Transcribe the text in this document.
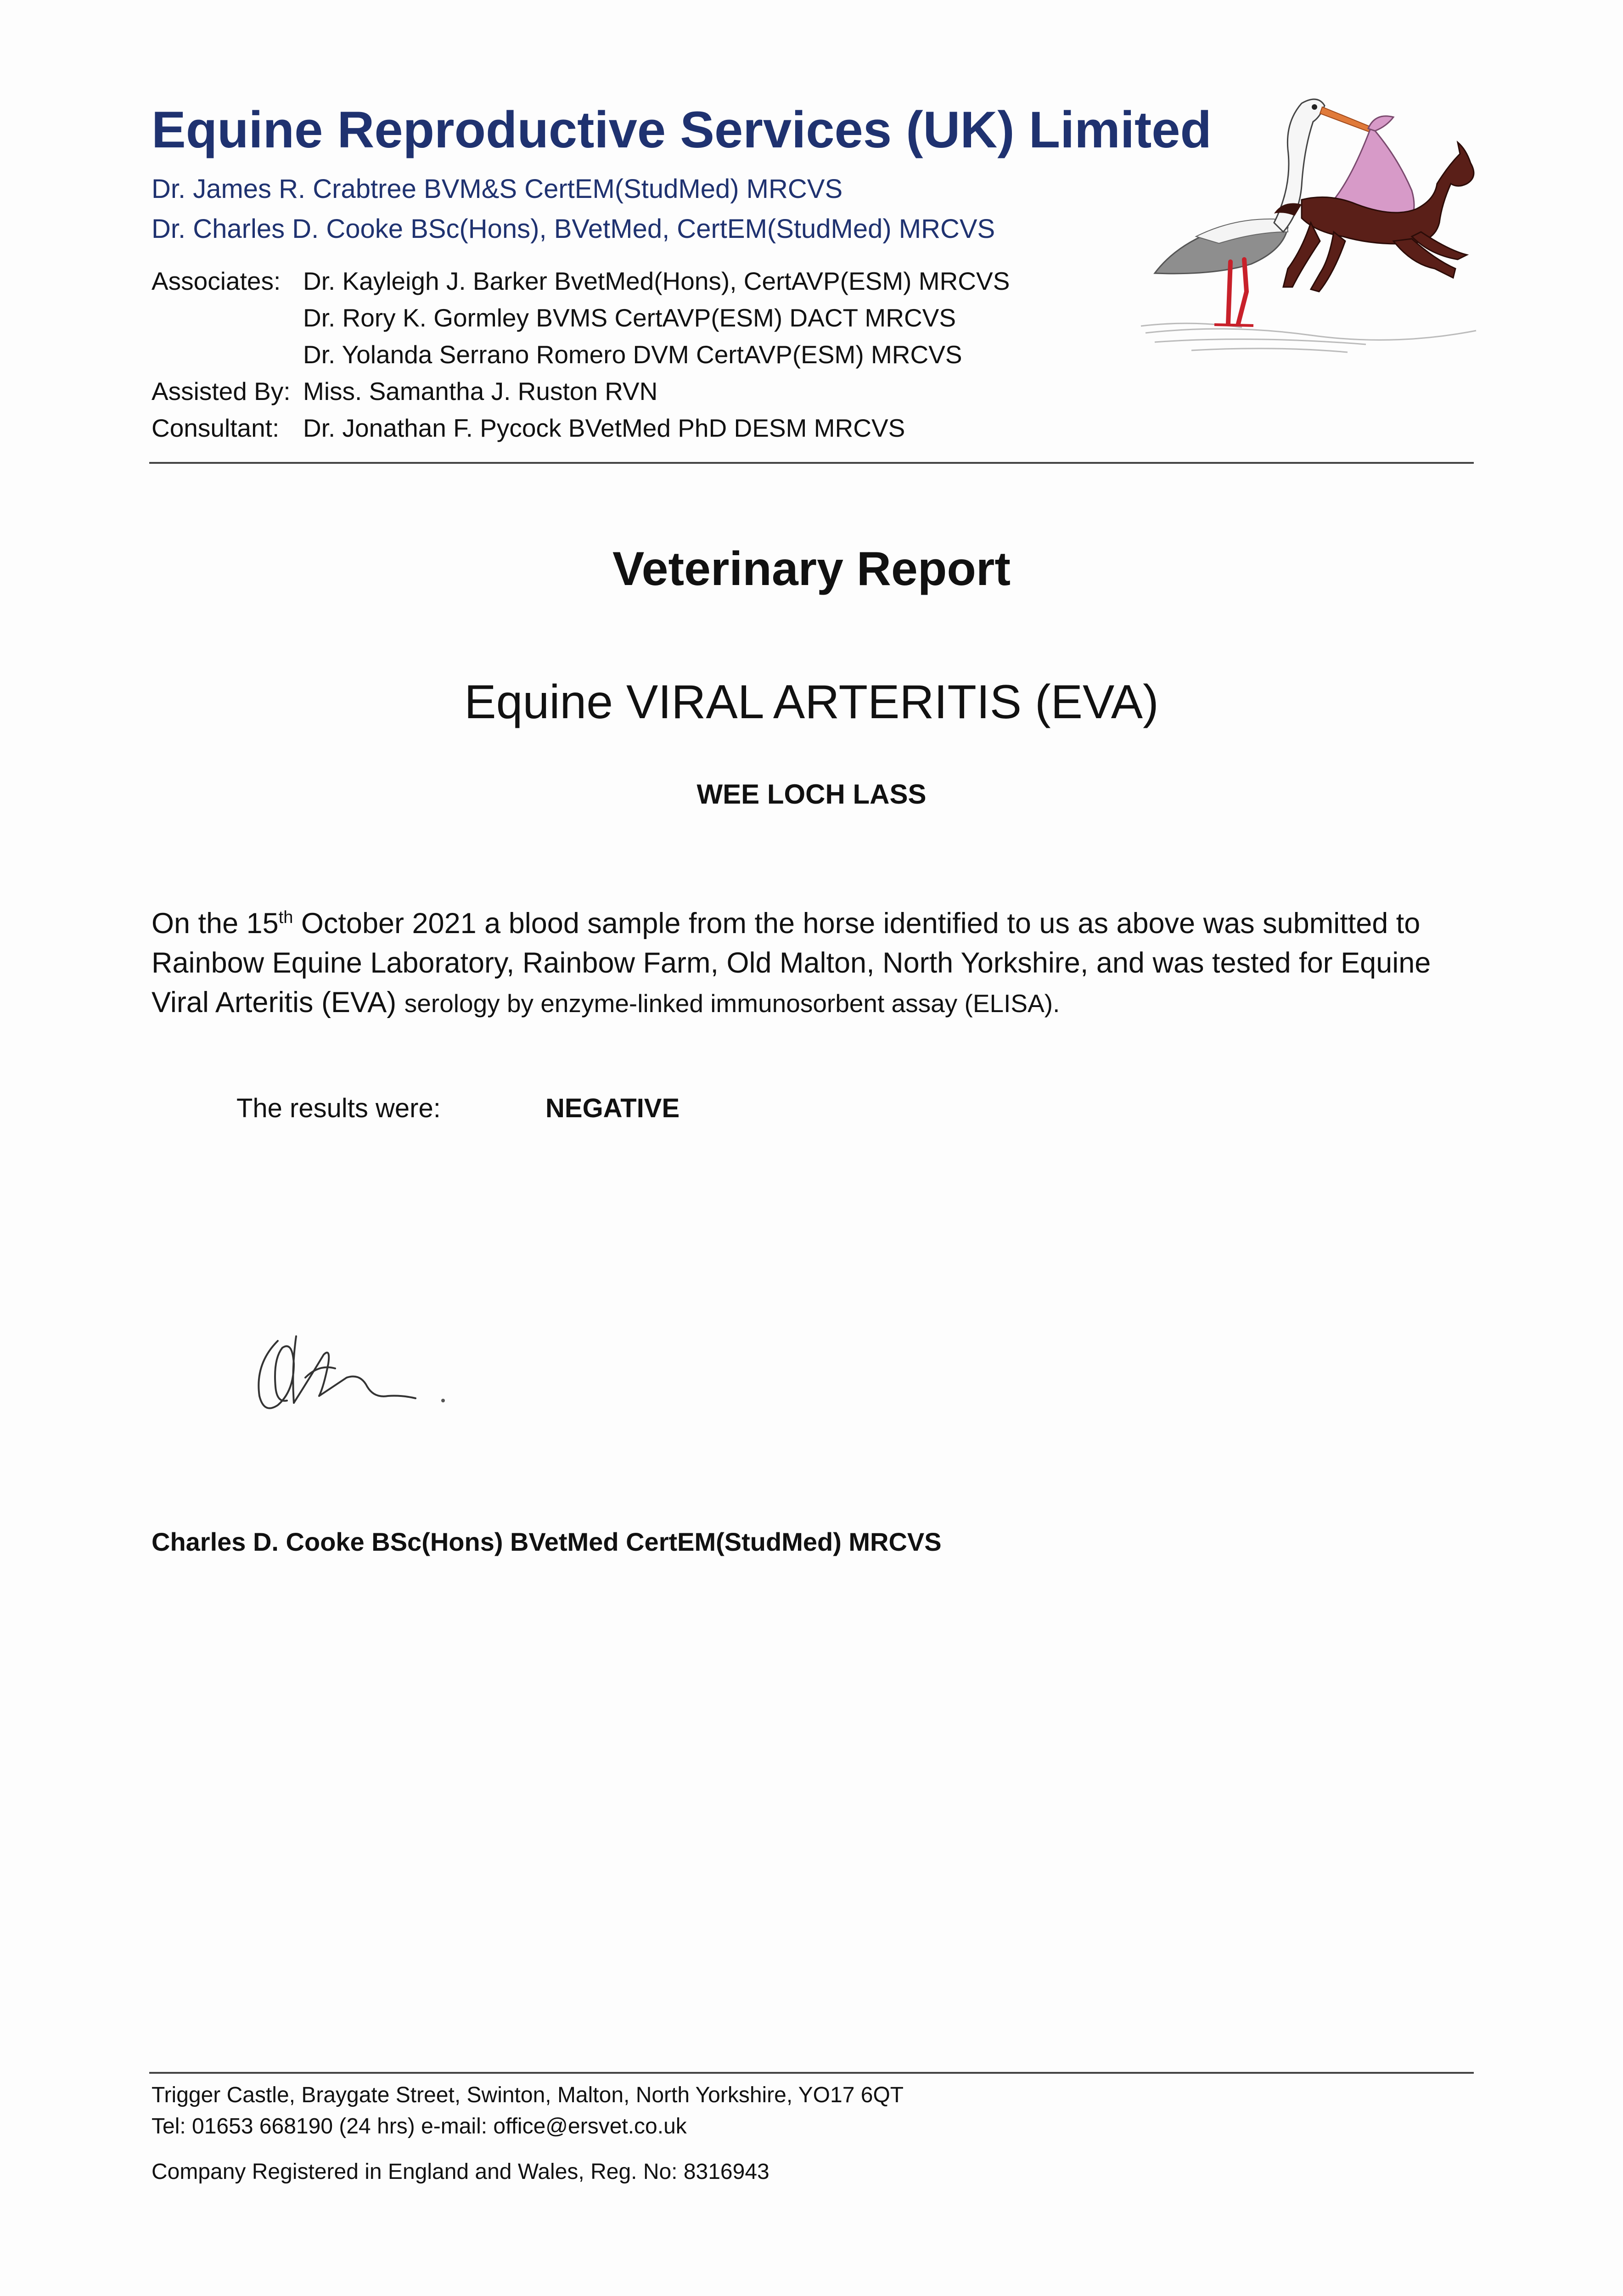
Equine Reproductive Services (UK) Limited
Dr. James R. Crabtree BVM&S CertEM(StudMed) MRCVS
Dr. Charles D. Cooke BSc(Hons), BVetMed, CertEM(StudMed) MRCVS
Associates: Dr. Kayleigh J. Barker BvetMed(Hons), CertAVP(ESM) MRCVS
Dr. Rory K. Gormley BVMS CertAVP(ESM) DACT MRCVS
Dr. Yolanda Serrano Romero DVM CertAVP(ESM) MRCVS
Assisted By: Miss. Samantha J. Ruston RVN
Consultant: Dr. Jonathan F. Pycock BVetMed PhD DESM MRCVS
Veterinary Report
Equine VIRAL ARTERITIS (EVA)
WEE LOCH LASS
On the 15th October 2021 a blood sample from the horse identified to us as above was submitted to Rainbow Equine Laboratory, Rainbow Farm, Old Malton, North Yorkshire, and was tested for Equine Viral Arteritis (EVA) serology by enzyme-linked immunosorbent assay (ELISA).
The results were:	NEGATIVE
Charles D. Cooke BSc(Hons) BVetMed CertEM(StudMed) MRCVS
Trigger Castle, Braygate Street, Swinton, Malton, North Yorkshire, YO17 6QT
Tel: 01653 668190 (24 hrs) e-mail: office@ersvet.co.uk
Company Registered in England and Wales, Reg. No: 8316943
